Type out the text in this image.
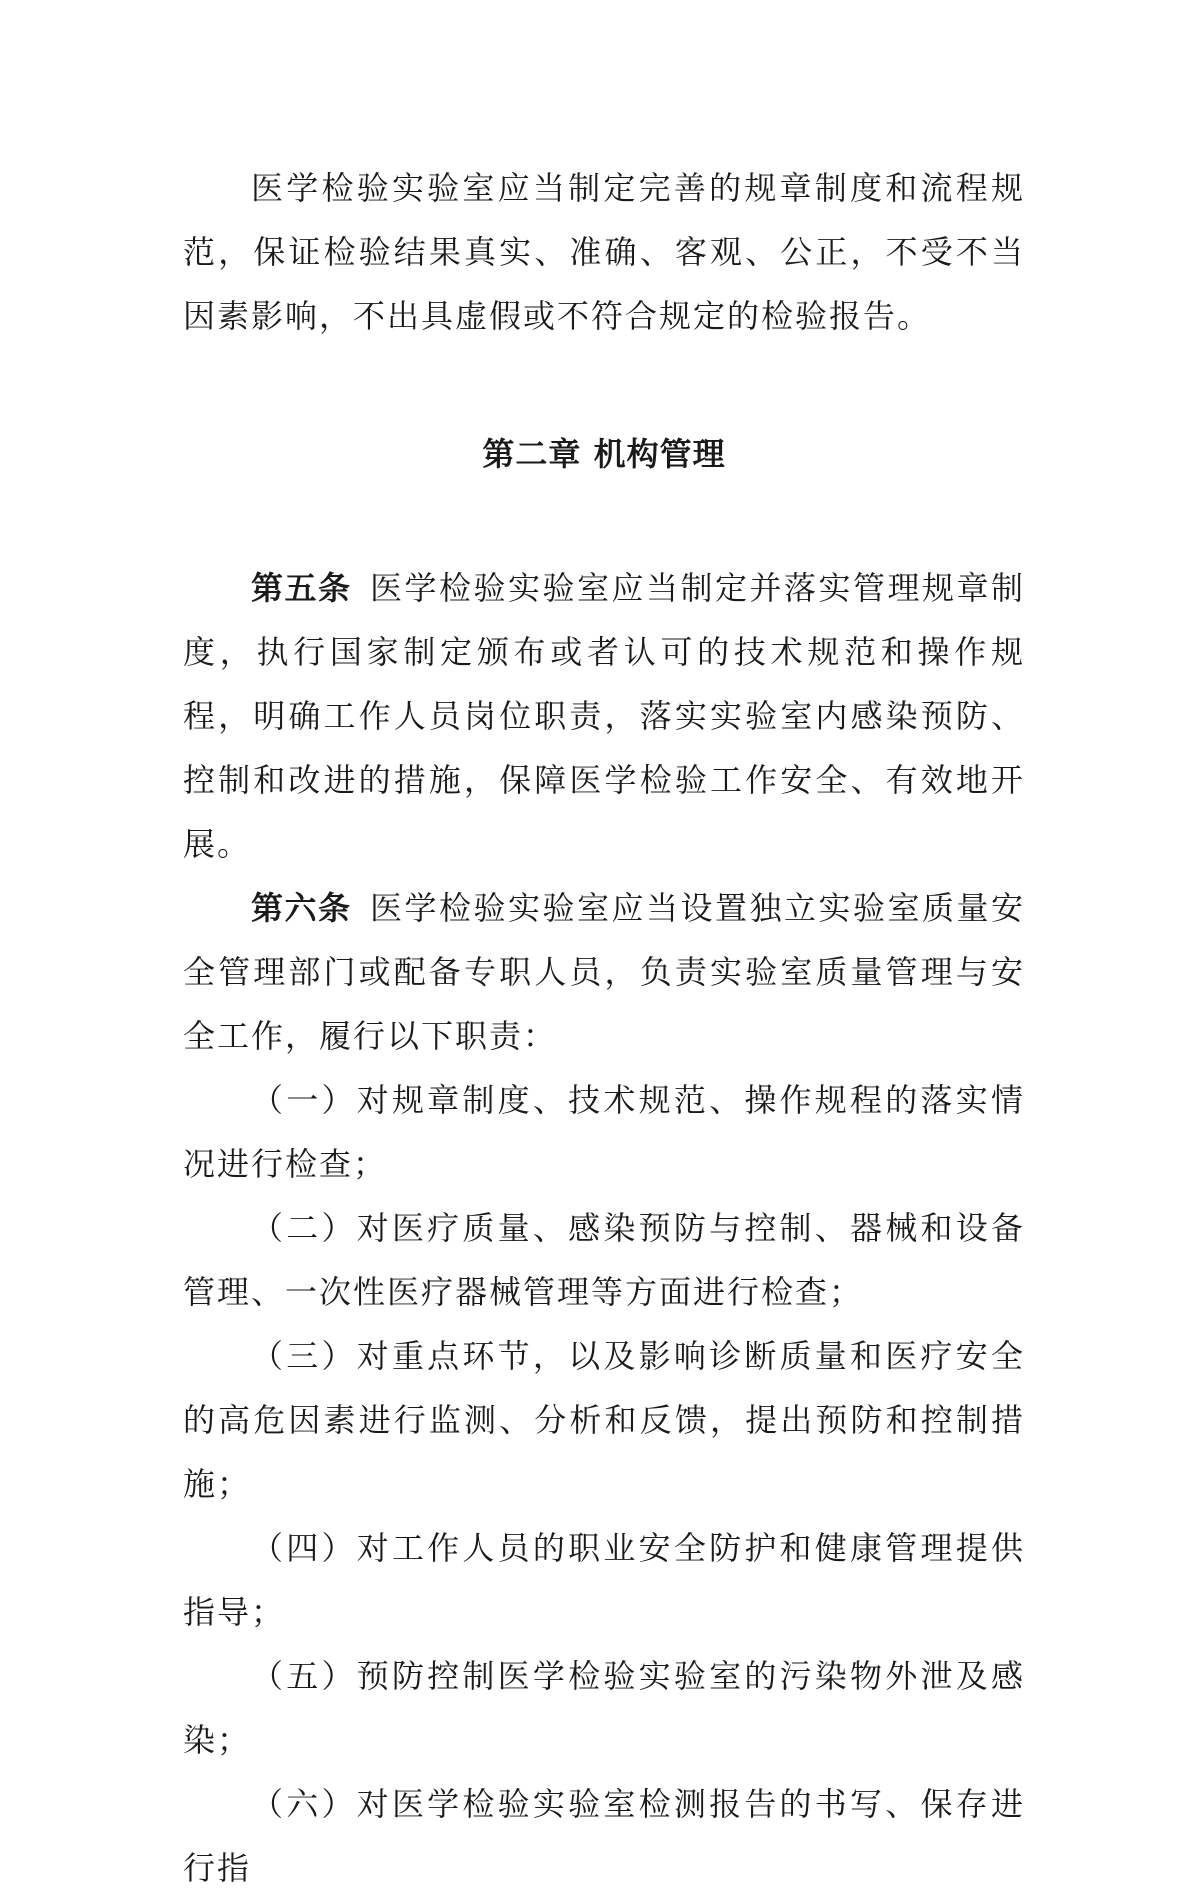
医学检验实验室应当制定完善的规章制度和流程规范，保证检验结果真实、准确、客观、公正，不受不当因素影响，不出具虚假或不符合规定的检验报告。

第二章 机构管理

第五条 医学检验实验室应当制定并落实管理规章制度，执行国家制定颁布或者认可的技术规范和操作规程，明确工作人员岗位职责，落实实验室内感染预防、控制和改进的措施，保障医学检验工作安全、有效地开展。

第六条 医学检验实验室应当设置独立实验室质量安全管理部门或配备专职人员，负责实验室质量管理与安全工作，履行以下职责：

（一）对规章制度、技术规范、操作规程的落实情况进行检查；

（二）对医疗质量、感染预防与控制、器械和设备管理、一次性医疗器械管理等方面进行检查；

（三）对重点环节，以及影响诊断质量和医疗安全的高危因素进行监测、分析和反馈，提出预防和控制措施；

（四）对工作人员的职业安全防护和健康管理提供指导；

（五）预防控制医学检验实验室的污染物外泄及感染；

（六）对医学检验实验室检测报告的书写、保存进行指
